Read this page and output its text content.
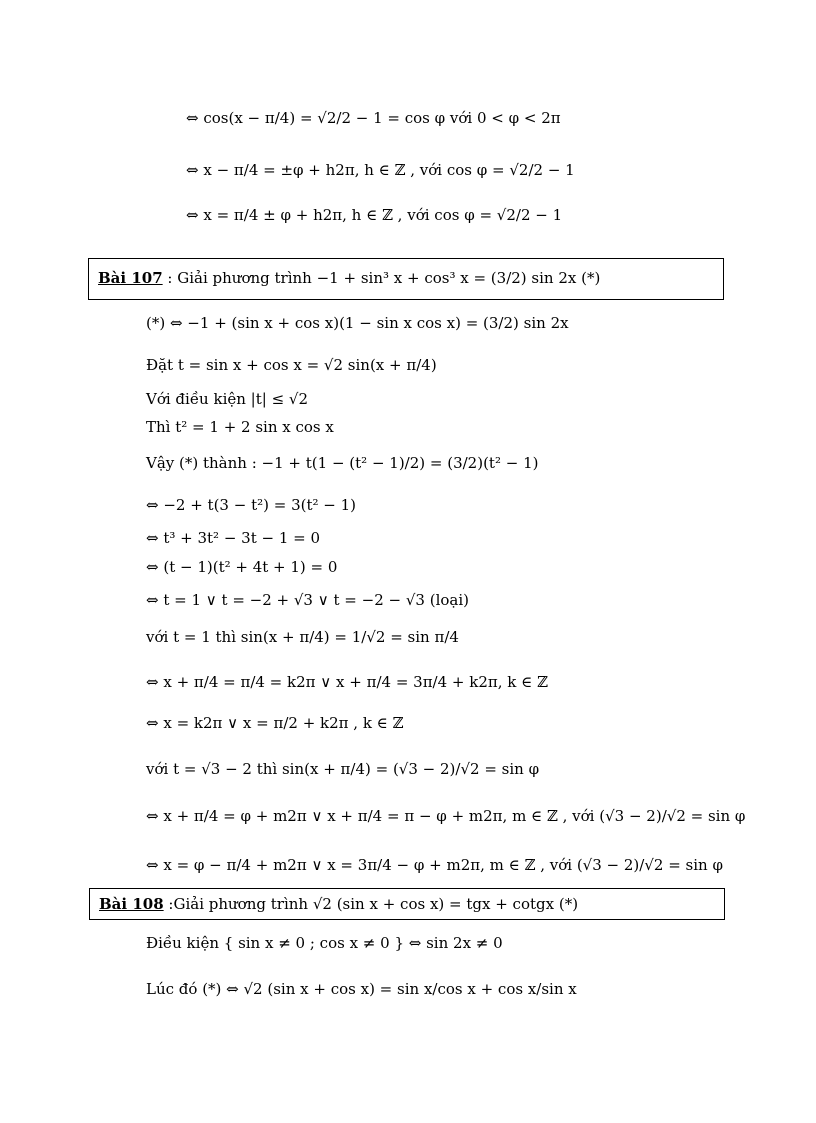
⇔ cos(x − π/4) = √2/2 − 1 = cos φ với 0 < φ < 2π
⇔ x − π/4 = ±φ + h2π, h ∈ ℤ , với cos φ = √2/2 − 1
⇔ x = π/4 ± φ + h2π, h ∈ ℤ , với cos φ = √2/2 − 1
Bài 107 : Giải phương trình −1 + sin³ x + cos³ x = (3/2) sin 2x (*)
(*) ⇔ −1 + (sin x + cos x)(1 − sin x cos x) = (3/2) sin 2x
Đặt t = sin x + cos x = √2 sin(x + π/4)
Với điều kiện |t| ≤ √2
Thì t² = 1 + 2 sin x cos x
Vậy (*) thành : −1 + t(1 − (t² − 1)/2) = (3/2)(t² − 1)
⇔ −2 + t(3 − t²) = 3(t² − 1)
⇔ t³ + 3t² − 3t − 1 = 0
⇔ (t − 1)(t² + 4t + 1) = 0
⇔ t = 1 ∨ t = −2 + √3 ∨ t = −2 − √3 (loại)
với t = 1 thì sin(x + π/4) = 1/√2 = sin π/4
⇔ x + π/4 = π/4 = k2π ∨ x + π/4 = 3π/4 + k2π, k ∈ ℤ
⇔ x = k2π ∨ x = π/2 + k2π , k ∈ ℤ
với t = √3 − 2 thì sin(x + π/4) = (√3 − 2)/√2 = sin φ
⇔ x + π/4 = φ + m2π ∨ x + π/4 = π − φ + m2π, m ∈ ℤ , với (√3 − 2)/√2 = sin φ
⇔ x = φ − π/4 + m2π ∨ x = 3π/4 − φ + m2π, m ∈ ℤ , với (√3 − 2)/√2 = sin φ
Bài 108 :Giải phương trình √2 (sin x + cos x) = tgx + cotgx (*)
Điều kiện { sin x ≠ 0 ; cos x ≠ 0 } ⇔ sin 2x ≠ 0
Lúc đó (*) ⇔ √2 (sin x + cos x) = sin x/cos x + cos x/sin x
